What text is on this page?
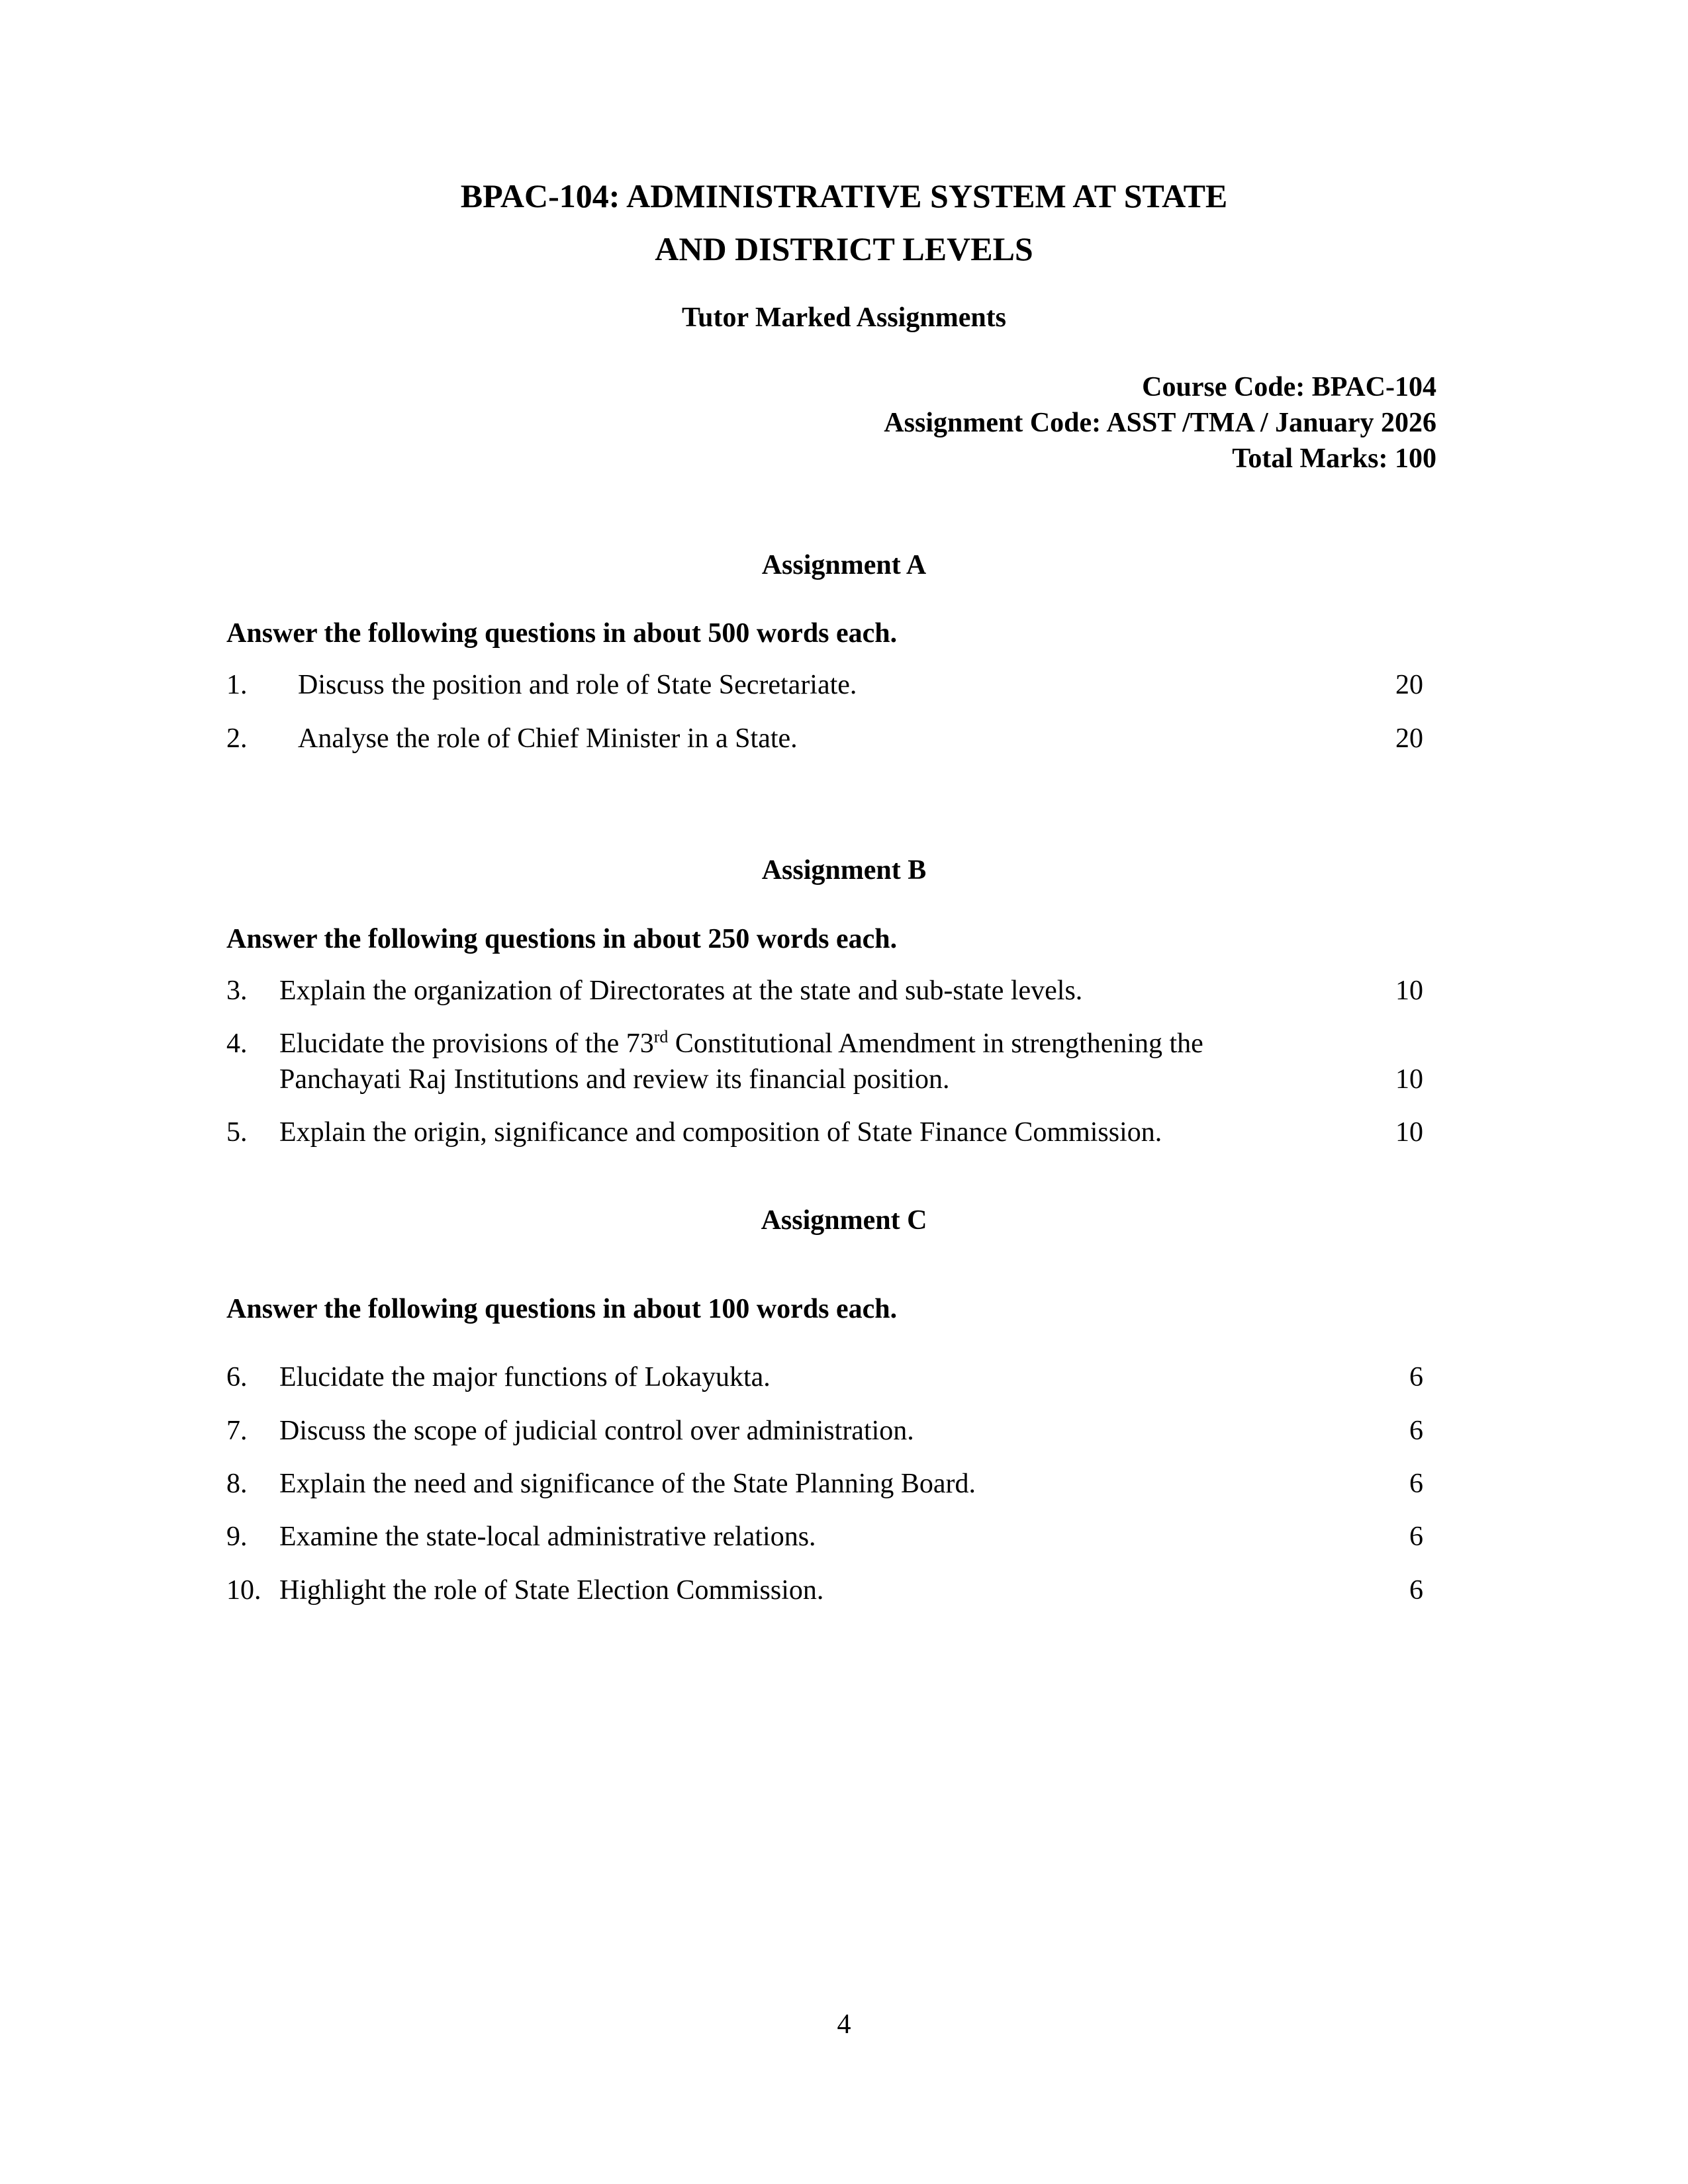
BPAC-104: ADMINISTRATIVE SYSTEM AT STATE
AND DISTRICT LEVELS
Tutor Marked Assignments
Course Code: BPAC-104
Assignment Code: ASST /TMA / January 2026
Total Marks: 100
Assignment A
Answer the following questions in about 500 words each.
1. Discuss the position and role of State Secretariate.	20
2. Analyse the role of Chief Minister in a State.	20
Assignment B
Answer the following questions in about 250 words each.
3. Explain the organization of Directorates at the state and sub-state levels.	10
4. Elucidate the provisions of the 73rd Constitutional Amendment in strengthening the
Panchayati Raj Institutions and review its financial position.	10
5. Explain the origin, significance and composition of State Finance Commission.	10
Assignment C
Answer the following questions in about 100 words each.
6. Elucidate the major functions of Lokayukta.	6
7. Discuss the scope of judicial control over administration.	6
8. Explain the need and significance of the State Planning Board.	6
9. Examine the state-local administrative relations.	6
10. Highlight the role of State Election Commission.	6
4
